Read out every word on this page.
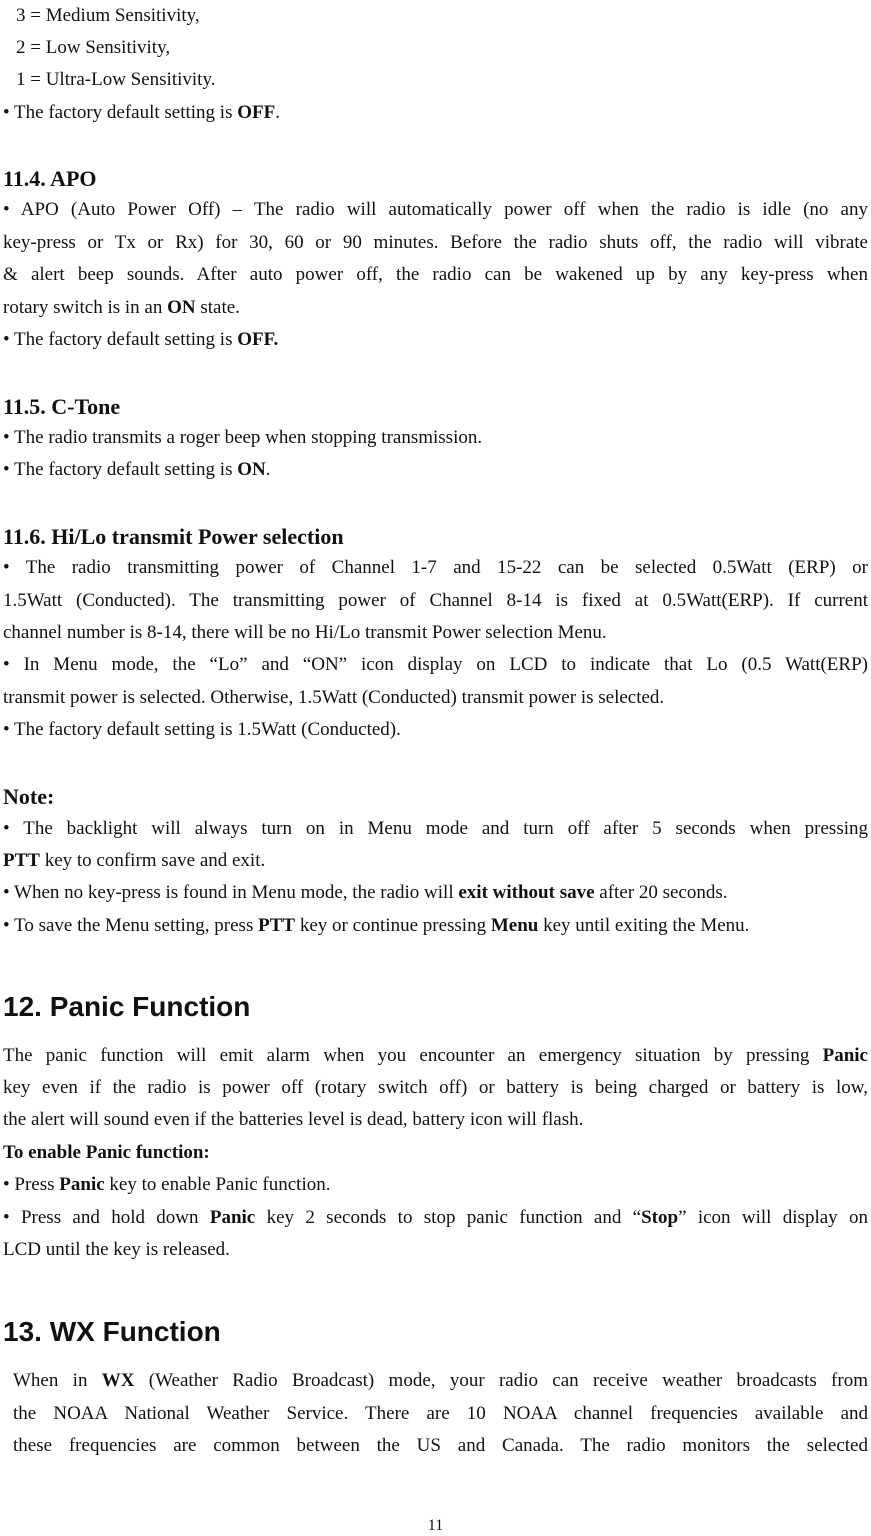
3 = Medium Sensitivity,
2 = Low Sensitivity,
1 = Ultra-Low Sensitivity.
• The factory default setting is OFF.
11.4. APO
• APO (Auto Power Off) – The radio will automatically power off when the radio is idle (no any
key-press or Tx or Rx) for 30, 60 or 90 minutes. Before the radio shuts off, the radio will vibrate
& alert beep sounds. After auto power off, the radio can be wakened up by any key-press when
rotary switch is in an ON state.
• The factory default setting is OFF.
11.5. C-Tone
• The radio transmits a roger beep when stopping transmission.
• The factory default setting is ON.
11.6. Hi/Lo transmit Power selection
• The radio transmitting power of Channel 1-7 and 15-22 can be selected 0.5Watt (ERP) or
1.5Watt (Conducted). The transmitting power of Channel 8-14 is fixed at 0.5Watt(ERP). If current
channel number is 8-14, there will be no Hi/Lo transmit Power selection Menu.
• In Menu mode, the “Lo” and “ON” icon display on LCD to indicate that Lo (0.5 Watt(ERP)
transmit power is selected. Otherwise, 1.5Watt (Conducted) transmit power is selected.
• The factory default setting is 1.5Watt (Conducted).
Note:
• The backlight will always turn on in Menu mode and turn off after 5 seconds when pressing
PTT key to confirm save and exit.
• When no key-press is found in Menu mode, the radio will exit without save after 20 seconds.
• To save the Menu setting, press PTT key or continue pressing Menu key until exiting the Menu.
12. Panic Function
The panic function will emit alarm when you encounter an emergency situation by pressing Panic
key even if the radio is power off (rotary switch off) or battery is being charged or battery is low,
the alert will sound even if the batteries level is dead, battery icon will flash.
To enable Panic function:
• Press Panic key to enable Panic function.
• Press and hold down Panic key 2 seconds to stop panic function and “Stop” icon will display on
LCD until the key is released.
13. WX Function
When in WX (Weather Radio Broadcast) mode, your radio can receive weather broadcasts from
the NOAA National Weather Service. There are 10 NOAA channel frequencies available and
these frequencies are common between the US and Canada. The radio monitors the selected
11
